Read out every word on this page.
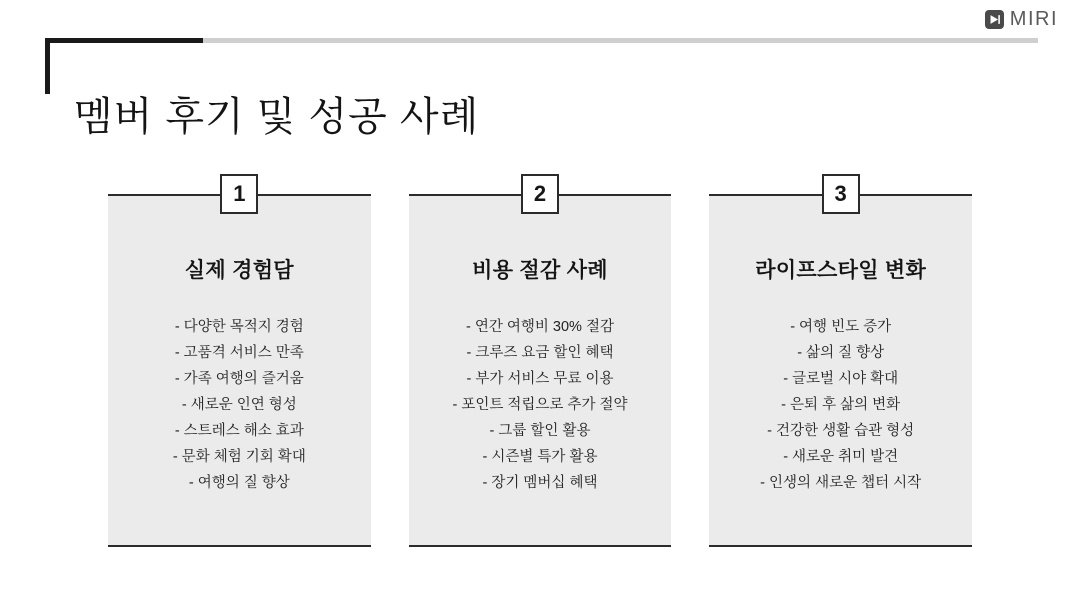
MIRI
멤버 후기 및 성공 사례
1
실제 경험담
- 다양한 목적지 경험
- 고품격 서비스 만족
- 가족 여행의 즐거움
- 새로운 인연 형성
- 스트레스 해소 효과
- 문화 체험 기회 확대
- 여행의 질 향상
2
비용 절감 사례
- 연간 여행비 30% 절감
- 크루즈 요금 할인 혜택
- 부가 서비스 무료 이용
- 포인트 적립으로 추가 절약
- 그룹 할인 활용
- 시즌별 특가 활용
- 장기 멤버십 혜택
3
라이프스타일 변화
- 여행 빈도 증가
- 삶의 질 향상
- 글로벌 시야 확대
- 은퇴 후 삶의 변화
- 건강한 생활 습관 형성
- 새로운 취미 발견
- 인생의 새로운 챕터 시작
